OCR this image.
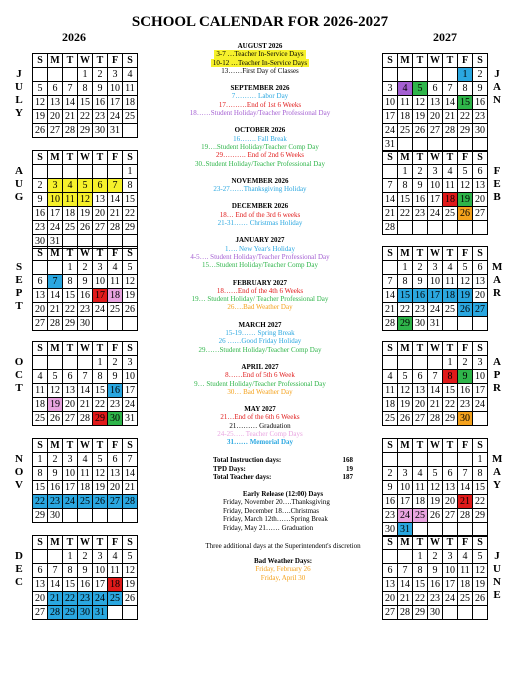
SCHOOL CALENDAR FOR 2026-2027
2026	2027
S	M	T	W	T	F	S
			1	2	3	4
5	6	7	8	9	10	11
12	13	14	15	16	17	18
19	20	21	22	23	24	25
26	27	28	29	30	31	
J
U
L
Y
S	M	T	W	T	F	S
						1
2	3	4	5	6	7	8
9	10	11	12	13	14	15
16	17	18	19	20	21	22
23	24	25	26	27	28	29
30	31					
A
U
G
S	M	T	W	T	F	S
		1	2	3	4	5
6	7	8	9	10	11	12
13	14	15	16	17	18	19
20	21	22	23	24	25	26
27	28	29	30			
S
E
P
T
S	M	T	W	T	F	S
				1	2	3
4	5	6	7	8	9	10
11	12	13	14	15	16	17
18	19	20	21	22	23	24
25	26	27	28	29	30	31
O
C
T
S	M	T	W	T	F	S
1	2	3	4	5	6	7
8	9	10	11	12	13	14
15	16	17	18	19	20	21
22	23	24	25	26	27	28
29	30					
N
O
V
S	M	T	W	T	F	S
		1	2	3	4	5
6	7	8	9	10	11	12
13	14	15	16	17	18	19
20	21	22	23	24	25	26
27	28	29	30	31		
D
E
C
S	M	T	W	T	F	S
					1	2
3	4	5	6	7	8	9
10	11	12	13	14	15	16
17	18	19	20	21	22	23
24	25	26	27	28	29	30
31						
J
A
N
S	M	T	W	T	F	S
	1	2	3	4	5	6
7	8	9	10	11	12	13
14	15	16	17	18	19	20
21	22	23	24	25	26	27
28						
F
E
B
S	M	T	W	T	F	S
	1	2	3	4	5	6
7	8	9	10	11	12	13
14	15	16	17	18	19	20
21	22	23	24	25	26	27
28	29	30	31			
M
A
R
S	M	T	W	T	F	S
				1	2	3
4	5	6	7	8	9	10
11	12	13	14	15	16	17
18	19	20	21	22	23	24
25	26	27	28	29	30	
A
P
R
S	M	T	W	T	F	S
						1
2	3	4	5	6	7	8
9	10	11	12	13	14	15
16	17	18	19	20	21	22
23	24	25	26	27	28	29
30	31					
M
A
Y
S	M	T	W	T	F	S
		1	2	3	4	5
6	7	8	9	10	11	12
13	14	15	16	17	18	19
20	21	22	23	24	25	26
27	28	29	30			
J
U
N
E
AUGUST 2026
3-7 …Teacher In-Service Days
10-12 …Teacher In-Service Days

13……First Day of Classes
SEPTEMBER 2026
7……… Labor Day
17………End of 1st 6 Weeks
18……Student Holiday/Teacher Professional Day
OCTOBER 2026
16……. Fall Break
19….Student Holiday/Teacher Comp Day
29………. End of 2nd 6 Weeks
30..Student Holiday/Teacher Professional Day
NOVEMBER 2026
23-27……Thanksgiving Holiday
DECEMBER 2026
18… End of the 3rd 6 weeks
21-31…… Christmas Holiday
JANUARY 2027
1…. New Year's Holiday
4-5…. Student Holiday/Teacher Professional Day
15…Student Holiday/Teacher Comp Day
FEBRUARY 2027
18……End of the 4th 6 Weeks
19… Student Holiday/ Teacher Professional Day
26….Bad Weather Day
MARCH 2027
15-19…… Spring Break
26 ……Good Friday Holiday
29……Student Holiday/Teacher Comp Day
APRIL 2027
8……End of 5th 6 Week
9… Student Holiday/Teacher Professional Day
30… Bad Weather Day
MAY 2027
21…End of the 6th 6 Weeks
21……… Graduation
24-25….. Teacher Comp Days
31…… Memorial Day
Total Instruction days:	168
TPD Days:	19
Total Teacher days:	187
Early Release (12:00) Days
Friday, November 20….Thanksgiving
Friday, December 18….Christmas
Friday, March 12th……Spring Break
Friday, May 21…… Graduation
Three additional days at the Superintendent's discretion
Bad Weather Days:
Friday, February 26
Friday, April 30
